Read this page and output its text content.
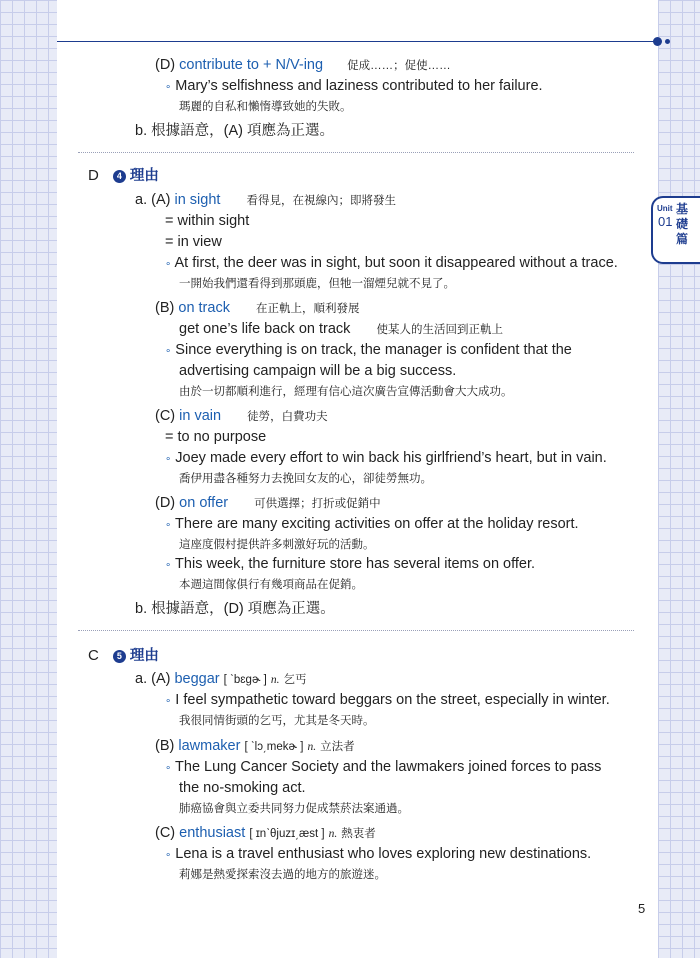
Unit
01
基礎篇
(D) contribute to + N/V-ing 促成……；促使……
∘ Mary’s selfishness and laziness contributed to her failure.
瑪麗的自私和懶惰導致她的失敗。
b. 根據語意，(A) 項應為正選。
D 4 理由
a. (A) in sight 看得見，在視線內；即將發生
= within sight
= in view
∘ At first, the deer was in sight, but soon it disappeared without a trace.
一開始我們還看得到那頭鹿，但牠一溜煙兒就不見了。
(B) on track 在正軌上，順利發展
get one’s life back on track 使某人的生活回到正軌上
∘ Since everything is on track, the manager is confident that the
advertising campaign will be a big success.
由於一切都順利進行，經理有信心這次廣告宣傳活動會大大成功。
(C) in vain 徒勞，白費功夫
= to no purpose
∘ Joey made every effort to win back his girlfriend’s heart, but in vain.
喬伊用盡各種努力去挽回女友的心，卻徒勞無功。
(D) on offer 可供選擇；打折或促銷中
∘ There are many exciting activities on offer at the holiday resort.
這座度假村提供許多刺激好玩的活動。
∘ This week, the furniture store has several items on offer.
本週這間傢俱行有幾項商品在促銷。
b. 根據語意，(D) 項應為正選。
C 5 理由
a. (A) beggar [ ˋbɛgɚ ] n. 乞丐
∘ I feel sympathetic toward beggars on the street, especially in winter.
我很同情街頭的乞丐，尤其是冬天時。
(B) lawmaker [ ˋlɔ͵mekɚ ] n. 立法者
∘ The Lung Cancer Society and the lawmakers joined forces to pass
the no-smoking act.
肺癌協會與立委共同努力促成禁菸法案通過。
(C) enthusiast [ ɪnˋθjuzɪ͵æst ] n. 熱衷者
∘ Lena is a travel enthusiast who loves exploring new destinations.
莉娜是熱愛探索沒去過的地方的旅遊迷。
5
